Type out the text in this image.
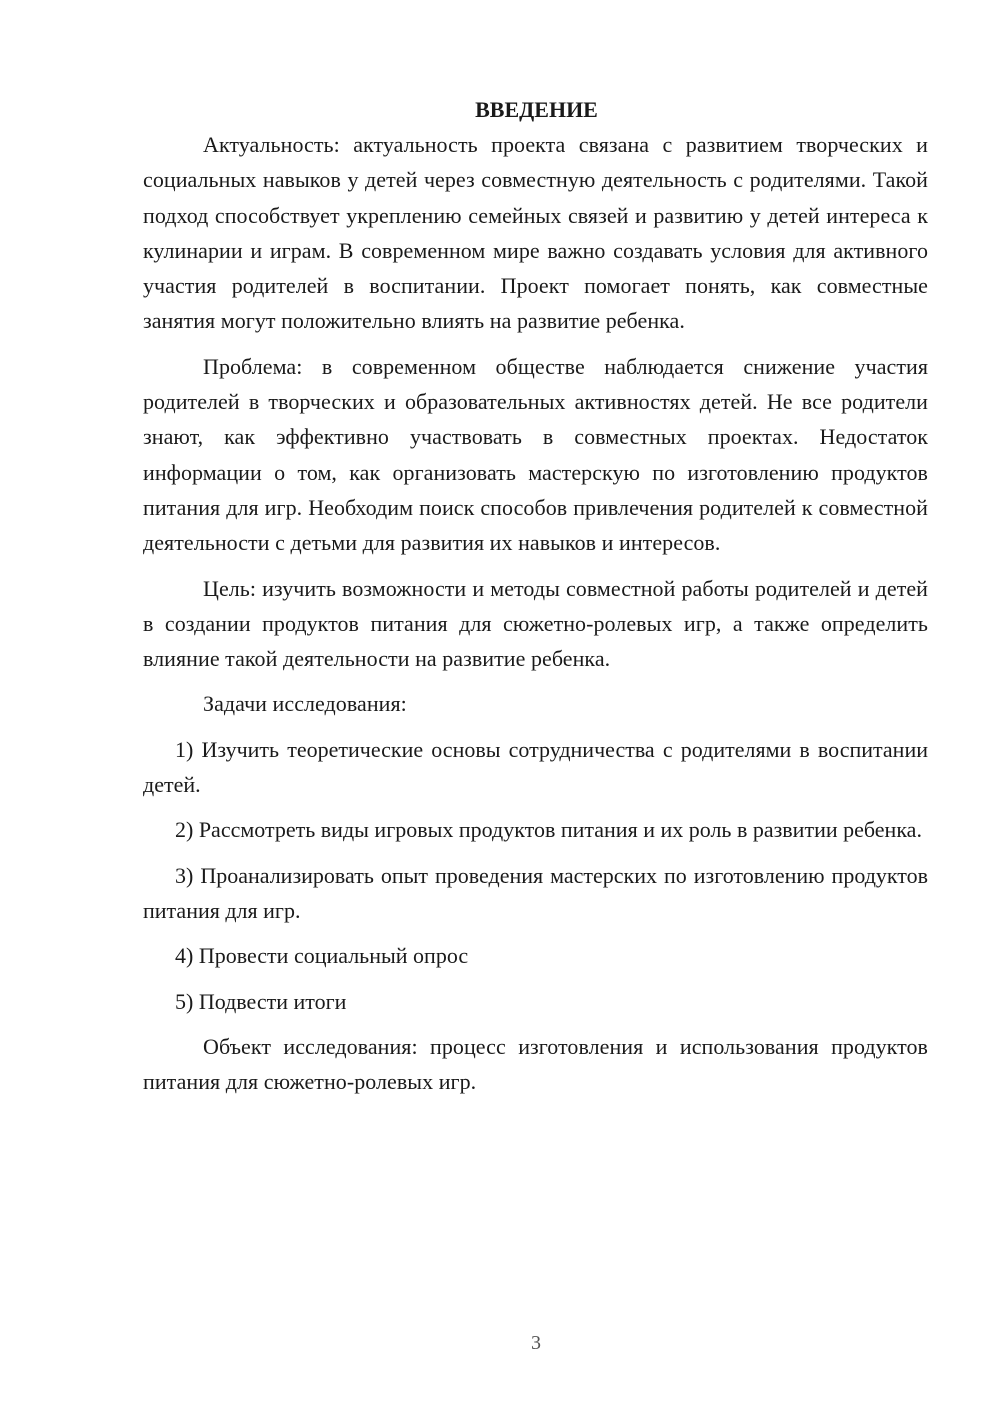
ВВЕДЕНИЕ

Актуальность: актуальность проекта связана с развитием творческих и социальных навыков у детей через совместную деятельность с родителями. Такой подход способствует укреплению семейных связей и развитию у детей интереса к кулинарии и играм. В современном мире важно создавать условия для активного участия родителей в воспитании. Проект помогает понять, как совместные занятия могут положительно влиять на развитие ребенка.

Проблема: в современном обществе наблюдается снижение участия родителей в творческих и образовательных активностях детей. Не все родители знают, как эффективно участвовать в совместных проектах. Недостаток информации о том, как организовать мастерскую по изготовлению продуктов питания для игр. Необходим поиск способов привлечения родителей к совместной деятельности с детьми для развития их навыков и интересов.

Цель: изучить возможности и методы совместной работы родителей и детей в создании продуктов питания для сюжетно-ролевых игр, а также определить влияние такой деятельности на развитие ребенка.

Задачи исследования:

1) Изучить теоретические основы сотрудничества с родителями в воспитании детей.

2) Рассмотреть виды игровых продуктов питания и их роль в развитии ребенка.

3) Проанализировать опыт проведения мастерских по изготовлению продуктов питания для игр.

4) Провести социальный опрос

5) Подвести итоги

Объект исследования: процесс изготовления и использования продуктов питания для сюжетно-ролевых игр.

3
